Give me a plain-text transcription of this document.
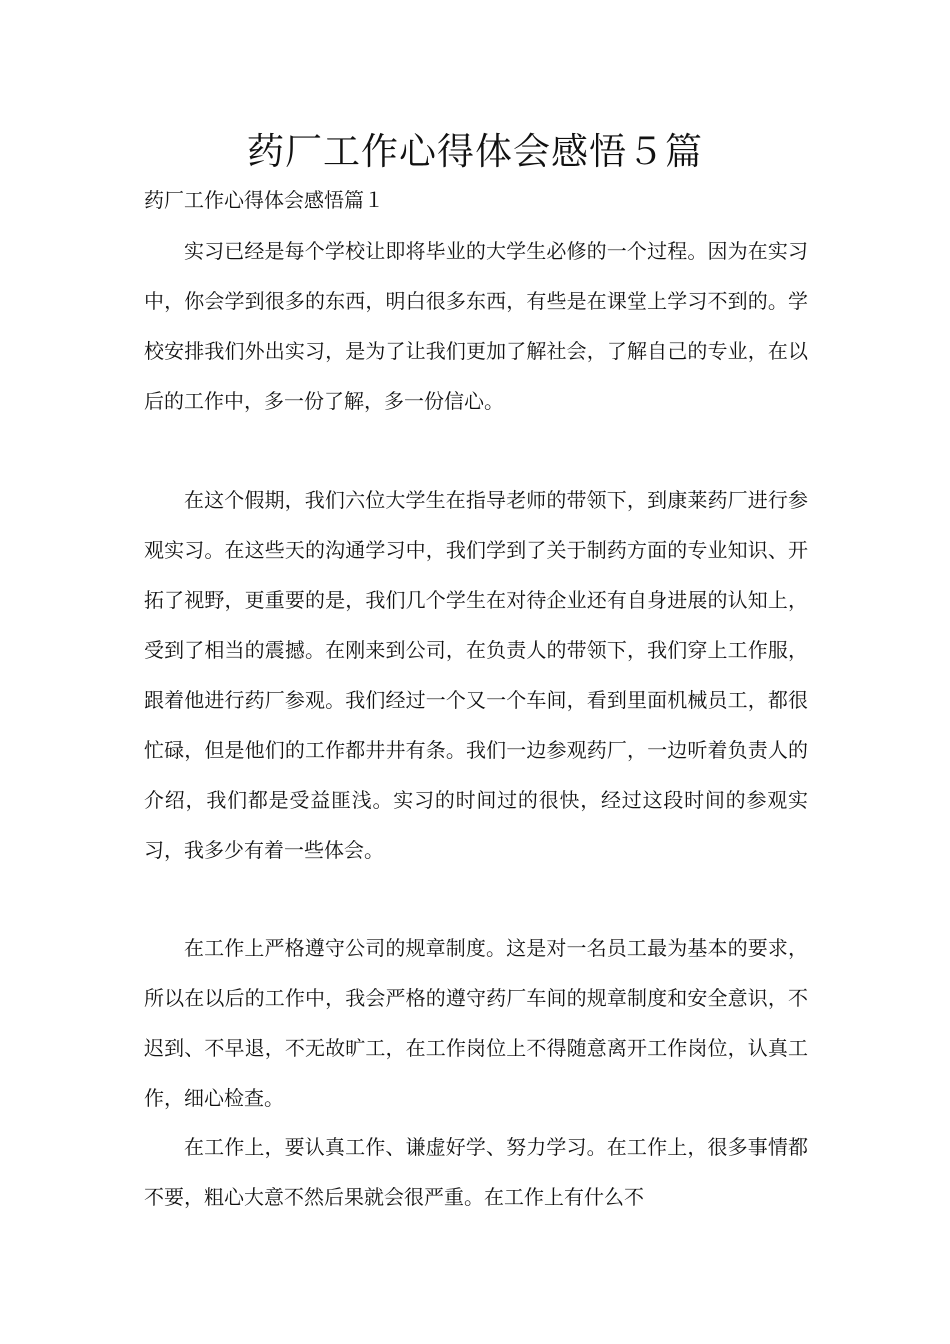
药厂工作心得体会感悟５篇
药厂工作心得体会感悟篇１

实习已经是每个学校让即将毕业的大学生必修的一个过程。因为在实习中，你会学到很多的东西，明白很多东西，有些是在课堂上学习不到的。学校安排我们外出实习，是为了让我们更加了解社会，了解自己的专业，在以后的工作中，多一份了解，多一份信心。

在这个假期，我们六位大学生在指导老师的带领下，到康莱药厂进行参观实习。在这些天的沟通学习中，我们学到了关于制药方面的专业知识、开拓了视野，更重要的是，我们几个学生在对待企业还有自身进展的认知上，受到了相当的震撼。在刚来到公司，在负责人的带领下，我们穿上工作服，跟着他进行药厂参观。我们经过一个又一个车间，看到里面机械员工，都很忙碌，但是他们的工作都井井有条。我们一边参观药厂，一边听着负责人的介绍，我们都是受益匪浅。实习的时间过的很快，经过这段时间的参观实习，我多少有着一些体会。

在工作上严格遵守公司的规章制度。这是对一名员工最为基本的要求，所以在以后的工作中，我会严格的遵守药厂车间的规章制度和安全意识，不迟到、不早退，不无故旷工，在工作岗位上不得随意离开工作岗位，认真工作，细心检查。

在工作上，要认真工作、谦虚好学、努力学习。在工作上，很多事情都不要，粗心大意不然后果就会很严重。在工作上有什么不
